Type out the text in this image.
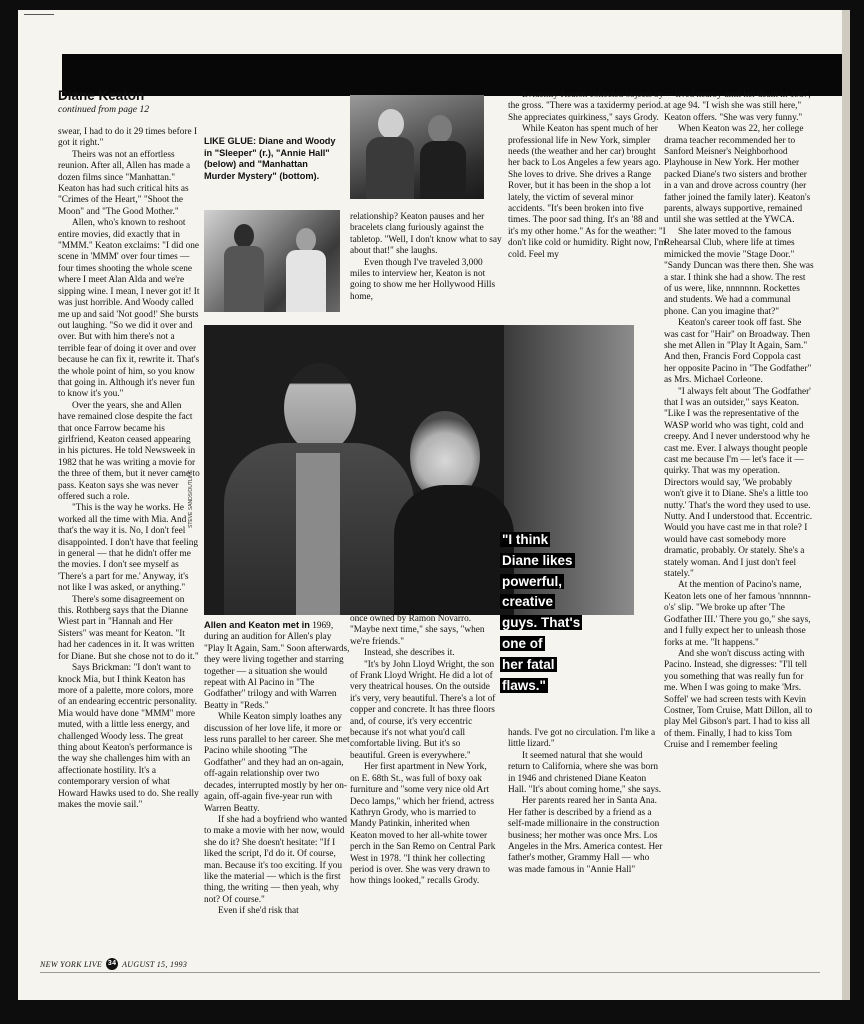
Diane Keaton
continued from page 12

swear, I had to do it 29 times before I got it right."

Theirs was not an effortless reunion. After all, Allen has made a dozen films since "Manhattan." Keaton has had such critical hits as "Crimes of the Heart," "Shoot the Moon" and "The Good Mother."

Allen, who's known to reshoot entire movies, did exactly that in "MMM." Keaton exclaims: "I did one scene in 'MMM' over four times — four times shooting the whole scene where I meet Alan Alda and we're sipping wine. I mean, I never got it! It was just horrible. And Woody called me up and said 'Not good!' She bursts out laughing. "So we did it over and over. But with him there's not a terrible fear of doing it over and over because he can fix it, rewrite it. That's the whole point of him, so you know that going in. Although it's never fun to know it's you."

Over the years, she and Allen have remained close despite the fact that once Farrow became his girlfriend, Keaton ceased appearing in his pictures. He told Newsweek in 1982 that he was writing a movie for the three of them, but it never came to pass. Keaton says she was never offered such a role.

"This is the way he works. He worked all the time with Mia. And that's the way it is. No, I don't feel disappointed. I don't have that feeling in general — that he didn't offer me the movies. I don't see myself as 'There's a part for me.' Anyway, it's not like I was asked, or anything."

There's some disagreement on this. Rothberg says that the Dianne Wiest part in "Hannah and Her Sisters" was meant for Keaton. "It had her cadences in it. It was written for Diane. But she chose not to do it."

Says Brickman: "I don't want to knock Mia, but I think Keaton has more of a palette, more colors, more of an endearing eccentric personality. Mia would have done "MMM" more muted, with a little less energy, and challenged Woody less. The great thing about Keaton's performance is the way she challenges him with an affectionate hostility. It's a contemporary version of what Howard Hawks used to do. She really makes the movie sail."

LIKE GLUE: Diane and Woody in "Sleeper" (r.), "Annie Hall" (below) and "Manhattan Murder Mystery" (bottom).

relationship? Keaton pauses and her bracelets clang furiously against the tabletop. "Well, I don't know what to say about that!" she laughs.

Even though I've traveled 3,000 miles to interview her, Keaton is not going to show me her Hollywood Hills home,

Evidently Keaton collected objects by the gross. "There was a taxidermy period. She appreciates quirkiness," says Grody.

While Keaton has spent much of her professional life in New York, simpler needs (the weather and her car) brought her back to Los Angeles a few years ago. She loves to drive. She drives a Range Rover, but it has been in the shop a lot lately, the victim of several minor accidents. "It's been broken into five times. The poor sad thing. It's an '88 and it's my other home." As for the weather: "I don't like cold or humidity. Right now, I'm cold. Feel my

— lived nearby until her death in 1987, at age 94. "I wish she was still here," Keaton offers. "She was very funny."

When Keaton was 22, her college drama teacher recommended her to Sanford Meisner's Neighborhood Playhouse in New York. Her mother packed Diane's two sisters and brother in a van and drove across country (her father joined the family later). Keaton's parents, always supportive, remained until she was settled at the YWCA.

She later moved to the famous Rehearsal Club, where life at times mimicked the movie "Stage Door." "Sandy Duncan was there then. She was a star. I think she had a show. The rest of us were, like, nnnnnnn. Rockettes and students. We had a communal phone. Can you imagine that?"

Keaton's career took off fast. She was cast for "Hair" on Broadway. Then she met Allen in "Play It Again, Sam." And then, Francis Ford Coppola cast her opposite Pacino in "The Godfather" as Mrs. Michael Corleone.

"I always felt about 'The Godfather' that I was an outsider," says Keaton. "Like I was the representative of the WASP world who was tight, cold and creepy. And I never understood why he cast me. Ever. I always thought people cast me because I'm — let's face it — quirky. That was my operation. Directors would say, 'We probably won't give it to Diane. She's a little too nutty.' That's the word they used to use. Nutty. And I understood that. Eccentric. Would you have cast me in that role? I would have cast somebody more dramatic, probably. Or stately. She's a stately woman. And I just don't feel stately."

At the mention of Pacino's name, Keaton lets one of her famous 'nnnnnn-o's' slip. "We broke up after 'The Godfather III.' There you go," she says, and I fully expect her to unleash those forks at me. "It happens."

And she won't discuss acting with Pacino. Instead, she digresses: "I'll tell you something that was really fun for me. When I was going to make 'Mrs. Soffel' we had screen tests with Kevin Costner, Tom Cruise, Matt Dillon, all to play Mel Gibson's part. I had to kiss all of them. Finally, I had to kiss Tom Cruise and I remember feeling

STEVE SANDS/OUTLINE
"I think
Diane likes
powerful,
creative
guys. That's
one of
her fatal
flaws."

Allen and Keaton met in 1969, during an audition for Allen's play "Play It Again, Sam." Soon afterwards, they were living together and starring together — a situation she would repeat with Al Pacino in "The Godfather" trilogy and with Warren Beatty in "Reds."

While Keaton simply loathes any discussion of her love life, it more or less runs parallel to her career. She met Pacino while shooting "The Godfather" and they had an on-again, off-again relationship over two decades, interrupted mostly by her on-again, off-again five-year run with Warren Beatty.

If she had a boyfriend who wanted to make a movie with her now, would she do it? She doesn't hesitate: "If I liked the script, I'd do it. Of course, man. Because it's too exciting. If you like the material — which is the first thing, the writing — then yeah, why not? Of course."

Even if she'd risk that

once owned by Ramon Novarro. "Maybe next time," she says, "when we're friends."

Instead, she describes it.

"It's by John Lloyd Wright, the son of Frank Lloyd Wright. He did a lot of very theatrical houses. On the outside it's very, very beautiful. There's a lot of copper and concrete. It has three floors and, of course, it's very eccentric because it's not what you'd call comfortable living. But it's so beautiful. Green is everywhere."

Her first apartment in New York, on E. 68th St., was full of boxy oak furniture and "some very nice old Art Deco lamps," which her friend, actress Kathryn Grody, who is married to Mandy Patinkin, inherited when Keaton moved to her all-white tower perch in the San Remo on Central Park West in 1978. "I think her collecting period is over. She was very drawn to how things looked," recalls Grody.

hands. I've got no circulation. I'm like a little lizard."

It seemed natural that she would return to California, where she was born in 1946 and christened Diane Keaton Hall. "It's about coming home," she says.

Her parents reared her in Santa Ana. Her father is described by a friend as a self-made millionaire in the construction business; her mother was once Mrs. Los Angeles in the Mrs. America contest. Her father's mother, Grammy Hall — who was made famous in "Annie Hall"

NEW YORK LIVE 34 AUGUST 15, 1993
